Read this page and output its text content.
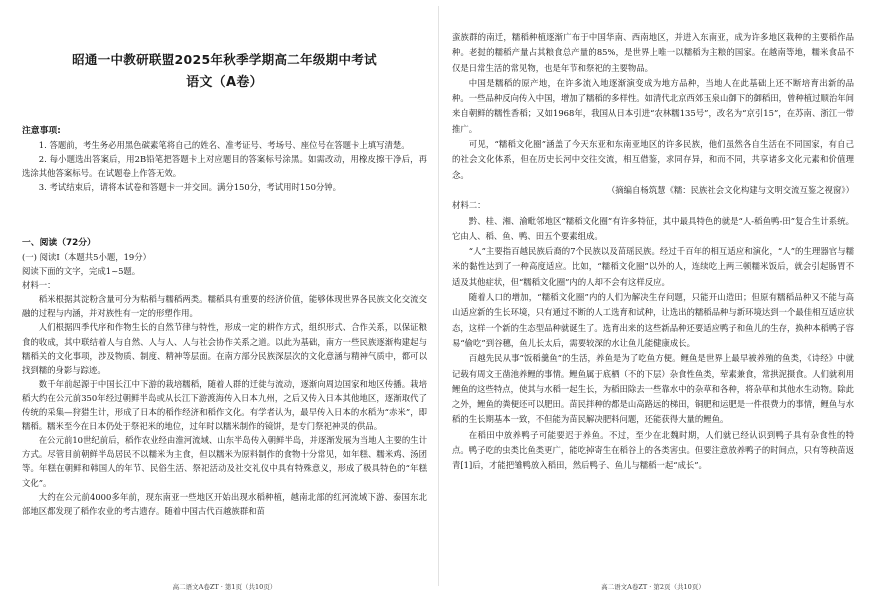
昭通一中教研联盟2025年秋季学期高二年级期中考试
语文（A卷）
注意事项:

1. 答题前，考生务必用黑色碳素笔将自己的姓名、准考证号、考场号、座位号在答题卡上填写清楚。

2. 每小题选出答案后，用2B铅笔把答题卡上对应题目的答案标号涂黑。如需改动，用橡皮擦干净后，再选涂其他答案标号。在试题卷上作答无效。

3. 考试结束后，请将本试卷和答题卡一并交回。满分150分，考试用时150分钟。

一、阅读（72分）

(一) 阅读Ⅰ（本题共5小题，19分）

阅读下面的文字，完成1~5题。

材料一：

稻米根据其淀粉含量可分为粘稻与糯稻两类。糯稻具有重要的经济价值，能够体现世界各民族文化交流交融的过程与内涵，并对族性有一定的形塑作用。

人们根据四季代序和作物生长的自然节律与特性，形成一定的耕作方式，组织形式、合作关系，以保证粮食的收成，其中联结着人与自然、人与人、人与社会协作关系之道。以此为基础，南方一些民族逐渐构建起与糯稻关的文化事项，涉及物质、制度、精神等层面。在南方部分民族深层次的文化意涵与精神气质中，都可以找到糯的身影与踪迹。

数千年前起源于中国长江中下游的栽培糯稻，随着人群的迁徙与流动，逐渐向周边国家和地区传播。栽培稻大约在公元前350年经过朝鲜半岛或从长江下游渡海传入日本九州，之后又传入日本其他地区，逐渐取代了传统的采集—狩猎生计，形成了日本的稻作经济和稻作文化。有学者认为，最早传入日本的水稻为“赤米”，即糯稻。糯米至今在日本仍处于祭祀米的地位，过年时以糯米制作的镜饼，是专门祭祀神灵的供品。

在公元前10世纪前后，稻作农业经由淮河流域、山东半岛传入朝鲜半岛，并逐渐发展为当地人主要的生计方式。尽管目前朝鲜半岛居民不以糯米为主食，但以糯米为原料制作的食物十分常见，如年糕、糯米鸡、汤团等。年糕在朝鲜和韩国人的年节、民俗生活、祭祀活动及社交礼仪中具有特殊意义，形成了极具特色的“年糕文化”。

大约在公元前4000多年前，现东南亚一些地区开始出现水稻种植，越南北部的红河流域下游、泰国东北部地区都发现了稻作农业的考古遗存。随着中国古代百越族群和苗

高二语文A卷ZT · 第1页（共10页）

蛮族群的南迁，糯稻种植逐渐广布于中国华南、西南地区，并进入东南亚，成为许多地区栽种的主要稻作品种。老挝的糯稻产量占其粮食总产量的85%，是世界上唯一以糯稻为主粮的国家。在越南等地，糯米食品不仅是日常生活的常见物，也是年节和祭祀的主要物品。

中国是糯稻的原产地，在许多流入地逐渐演变成为地方品种，当地人在此基础上还不断培育出新的品种。一些品种反向传入中国，增加了糯稻的多样性。如清代北京西郊玉泉山御下的御稻田，曾种植过顺治年间来自朝鲜的糯性香稻；又如1968年，我国从日本引进“农林糯135号”，改名为“京引15”，在苏南、浙江一带推广。

可见，“糯稻文化圈”涵盖了今天东亚和东南亚地区的许多民族，他们虽然各自生活在不同国家，有自己的社会文化体系，但在历史长河中交往交流，相互借鉴，求同存异，和而不同，共享诸多文化元素和价值理念。

（摘编自杨筑慧《糯：民族社会文化构建与文明交流互鉴之视窗》）

材料二：

黔、桂、湘、渝毗邻地区“糯稻文化圈”有许多特征，其中最具特色的就是“人-稻鱼鸭-田”复合生计系统。它由人、稻、鱼、鸭、田五个要素组成。

“人”主要指百越民族后裔的7个民族以及苗瑶民族。经过千百年的相互适应和演化，“人”的生理器官与糯米的黏性达到了一种高度适应。比如，“糯稻文化圈”以外的人，连续吃上两三顿糯米饭后，就会引起肠胃不适及其他症状，但“糯稻文化圈”内的人却不会有这样反应。

随着人口的增加，“糯稻文化圈”内的人们为解决生存问题，只能开山造田；但原有糯稻品种又不能与高山适应新的生长环境，只有通过不断的人工选育和试种，让选出的糯稻品种与新环境达到一个最佳相互适应状态，这样一个新的生态型品种就诞生了。选育出来的这些新品种还要适应鸭子和鱼儿的生存，换种本稻鸭子容易“偷吃”到谷穗，鱼儿长太后，需要较深的水让鱼儿能健康成长。

百越先民从事“饭稻羹鱼”的生活，养鱼是为了吃鱼方便。鲤鱼是世界上最早被养殖的鱼类，《诗经》中就记载有周文王凿池养鲤的事情。鲤鱼属于底栖（不的下层）杂食性鱼类，荤素兼食，常拱泥摄食。人们就利用鲤鱼的这些特点，使其与水稻一起生长，为稻田除去一些靠水中的杂草和各种，将杂草和其他水生动物。除此之外，鲤鱼的粪便还可以肥田。苗民拌种的都是山高路远的梯田，铜肥和运肥是一件很费力的事情，鲤鱼与水稻的生长期基本一致，不但能为苗民解决肥料问题，还能获得大量的鲤鱼。

在稻田中放养鸭子可能要迟于养鱼。不过，至少在北魏时期，人们就已经认识到鸭子具有杂食性的特点。鸭子吃的虫类比鱼类更广，能吃掉寄生在稻谷上的各类害虫。但要注意放养鸭子的时间点，只有等秧苗返青[1]后，才能把雏鸭放入稻田，然后鸭子、鱼儿与糯稻一起“成长”。

高二语文A卷ZT · 第2页（共10页）
